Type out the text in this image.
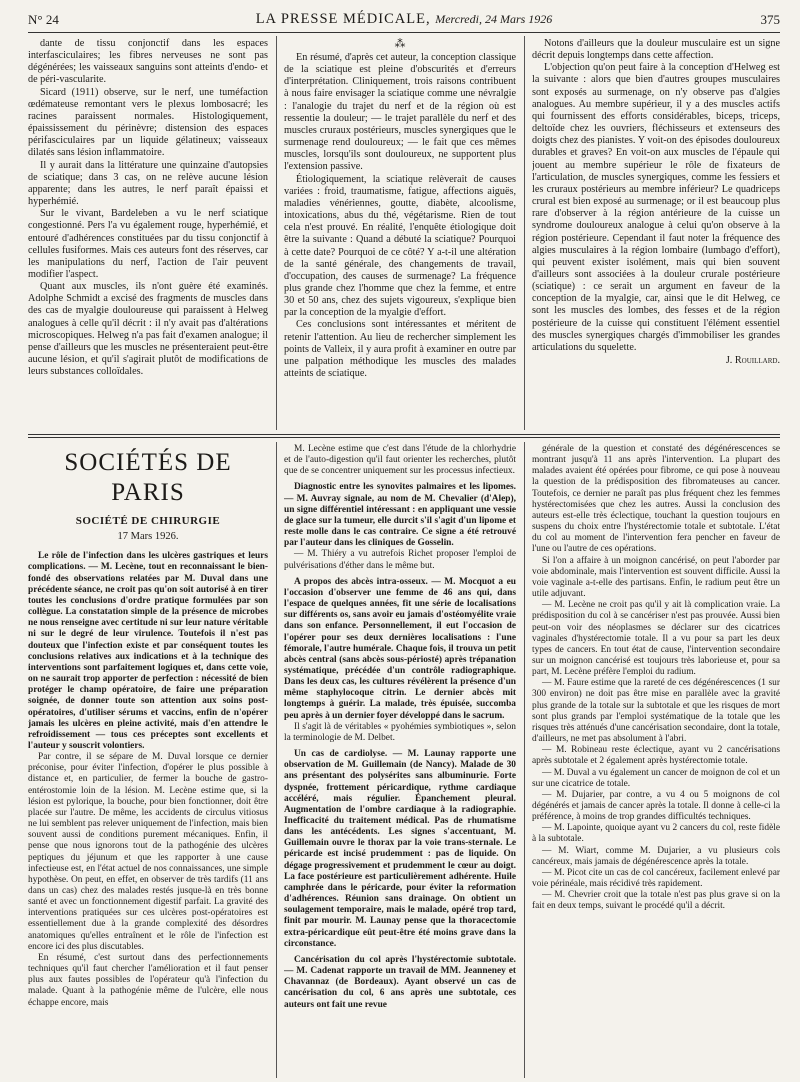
N° 24	LA PRESSE MÉDICALE, Mercredi, 24 Mars 1926	375

dante de tissu conjonctif dans les espaces interfasciculaires; les fibres nerveuses ne sont pas dégénérées; les vaisseaux sanguins sont atteints d'endo- et de péri-vascularite.

Sicard (1911) observe, sur le nerf, une tuméfaction œdémateuse remontant vers le plexus lombosacré; les racines paraissent normales. Histologiquement, épaississement du périnèvre; distension des espaces périfasciculaires par un liquide gélatineux; vaisseaux dilatés sans lésion inflammatoire.

Il y aurait dans la littérature une quinzaine d'autopsies de sciatique; dans 3 cas, on ne relève aucune lésion apparente; dans les autres, le nerf paraît épaissi et hyperhémié.

Sur le vivant, Bardeleben a vu le nerf sciatique congestionné. Pers l'a vu également rouge, hyperhémié, et entouré d'adhérences constituées par du tissu conjonctif à cellules fusiformes. Mais ces auteurs font des réserves, car les manipulations du nerf, l'action de l'air peuvent modifier l'aspect.

Quant aux muscles, ils n'ont guère été examinés. Adolphe Schmidt a excisé des fragments de muscles dans des cas de myalgie douloureuse qui paraissent à Helweg analogues à celle qu'il décrit : il n'y avait pas d'altérations microscopiques. Helweg n'a pas fait d'examen analogue; il pense d'ailleurs que les muscles ne présenteraient peut-être aucune lésion, et qu'il s'agirait plutôt de modifications de leurs substances colloïdales.

⁂

En résumé, d'après cet auteur, la conception classique de la sciatique est pleine d'obscurités et d'erreurs d'interprétation. Cliniquement, trois raisons contribuent à nous faire envisager la sciatique comme une névralgie : l'analogie du trajet du nerf et de la région où est ressentie la douleur; — le trajet parallèle du nerf et des muscles cruraux postérieurs, muscles synergiques que le surmenage rend douloureux; — le fait que ces mêmes muscles, lorsqu'ils sont douloureux, ne supportent plus l'extension passive.

Étiologiquement, la sciatique relèverait de causes variées : froid, traumatisme, fatigue, affections aiguës, maladies vénériennes, goutte, diabète, alcoolisme, intoxications, abus du thé, végétarisme. Rien de tout cela n'est prouvé. En réalité, l'enquête étiologique doit être la suivante : Quand a débuté la sciatique? Pourquoi à cette date? Pourquoi de ce côté? Y a-t-il une altération de la santé générale, des changements de travail, d'occupation, des causes de surmenage? La fréquence plus grande chez l'homme que chez la femme, et entre 30 et 50 ans, chez des sujets vigoureux, s'explique bien par la conception de la myalgie d'effort.

Ces conclusions sont intéressantes et méritent de retenir l'attention. Au lieu de rechercher simplement les points de Valleix, il y aura profit à examiner en outre par une palpation méthodique les muscles des malades atteints de sciatique.

Notons d'ailleurs que la douleur musculaire est un signe décrit depuis longtemps dans cette affection.

L'objection qu'on peut faire à la conception d'Helweg est la suivante : alors que bien d'autres groupes musculaires sont exposés au surmenage, on n'y observe pas d'algies analogues. Au membre supérieur, il y a des muscles actifs qui fournissent des efforts considérables, biceps, triceps, deltoïde chez les ouvriers, fléchisseurs et extenseurs des doigts chez des pianistes. Y voit-on des épisodes douloureux durables et graves? En voit-on aux muscles de l'épaule qui jouent au membre supérieur le rôle de fixateurs de l'articulation, de muscles synergiques, comme les fessiers et les cruraux postérieurs au membre inférieur? Le quadriceps crural est bien exposé au surmenage; or il est beaucoup plus rare d'observer à la région antérieure de la cuisse un syndrome douloureux analogue à celui qu'on observe à la région postérieure. Cependant il faut noter la fréquence des algies musculaires à la région lombaire (lumbago d'effort), qui peuvent exister isolément, mais qui bien souvent d'ailleurs sont associées à la douleur crurale postérieure (sciatique) : ce serait un argument en faveur de la conception de la myalgie, car, ainsi que le dit Helweg, ce sont les muscles des lombes, des fesses et de la région postérieure de la cuisse qui constituent l'élément essentiel des muscles synergiques chargés d'immobiliser les grandes articulations du squelette.

J. Rouillard.
SOCIÉTÉS DE PARIS
SOCIÉTÉ DE CHIRURGIE
17 Mars 1926.

Le rôle de l'infection dans les ulcères gastriques et leurs complications. — M. Lecène, tout en reconnaissant le bien-fondé des observations relatées par M. Duval dans une précédente séance, ne croit pas qu'on soit autorisé à en tirer toutes les conclusions d'ordre pratique formulées par son collègue. La constatation simple de la présence de microbes ne nous renseigne avec certitude ni sur leur nature véritable ni sur le degré de leur virulence. Toutefois il n'est pas douteux que l'infection existe et par conséquent toutes les conclusions relatives aux indications et à la technique des interventions sont parfaitement logiques et, dans cette voie, on ne saurait trop apporter de perfection : nécessité de bien protéger le champ opératoire, de faire une préparation soignée, de donner toute son attention aux soins post-opératoires, d'utiliser sérums et vaccins, enfin de n'opérer jamais les ulcères en pleine activité, mais d'en attendre le refroidissement — tous ces préceptes sont excellents et l'auteur y souscrit volontiers.

Par contre, il se sépare de M. Duval lorsque ce dernier préconise, pour éviter l'infection, d'opérer le plus possible à distance et, en particulier, de fermer la bouche de gastro-entérostomie loin de la lésion. M. Lecène estime que, si la lésion est pylorique, la bouche, pour bien fonctionner, doit être placée sur l'autre. De même, les accidents de circulus vitiosus ne lui semblent pas relever uniquement de l'infection, mais bien souvent aussi de conditions purement mécaniques. Enfin, il pense que nous ignorons tout de la pathogénie des ulcères peptiques du jéjunum et que les rapporter à une cause infectieuse est, en l'état actuel de nos connaissances, une simple hypothèse. On peut, en effet, en observer de très tardifs (11 ans dans un cas) chez des malades restés jusque-là en très bonne santé et avec un fonctionnement digestif parfait. La gravité des interventions pratiquées sur ces ulcères post-opératoires est essentiellement due à la grande complexité des désordres anatomiques qu'elles entraînent et le rôle de l'infection est encore ici des plus discutables.

En résumé, c'est surtout dans des perfectionnements techniques qu'il faut chercher l'amélioration et il faut penser plus aux fautes possibles de l'opérateur qu'à l'infection du malade. Quant à la pathogénie même de l'ulcère, elle nous échappe encore, mais

M. Lecène estime que c'est dans l'étude de la chlorhydrie et de l'auto-digestion qu'il faut orienter les recherches, plutôt que de se concentrer uniquement sur les processus infectieux.

Diagnostic entre les synovites palmaires et les lipomes. — M. Auvray signale, au nom de M. Chevalier (d'Alep), un signe différentiel intéressant : en appliquant une vessie de glace sur la tumeur, elle durcit s'il s'agit d'un lipome et reste molle dans le cas contraire. Ce signe a été retrouvé par l'auteur dans les cliniques de Gosselin.

— M. Thiéry a vu autrefois Richet proposer l'emploi de pulvérisations d'éther dans le même but.

A propos des abcès intra-osseux. — M. Mocquot a eu l'occasion d'observer une femme de 46 ans qui, dans l'espace de quelques années, fit une série de localisations sur différents os, sans avoir eu jamais d'ostéomyélite vraie dans son enfance. Personnellement, il eut l'occasion de l'opérer pour ses deux dernières localisations : l'une fémorale, l'autre humérale. Chaque fois, il trouva un petit abcès central (sans abcès sous-périosté) après trépanation systématique, précédée d'un contrôle radiographique. Dans les deux cas, les cultures révélèrent la présence d'un même staphylocoque citrin. Le dernier abcès mit longtemps à guérir. La malade, très épuisée, succomba peu après à un dernier foyer développé dans le sacrum.

Il s'agit là de véritables « pyohémies symbiotiques », selon la terminologie de M. Delbet.

Un cas de cardiolyse. — M. Launay rapporte une observation de M. Guillemain (de Nancy). Malade de 30 ans présentant des polysérites sans albuminurie. Forte dyspnée, frottement péricardique, rythme cardiaque accéléré, mais régulier. Épanchement pleural. Augmentation de l'ombre cardiaque à la radiographie. Inefficacité du traitement médical. Pas de rhumatisme dans les antécédents. Les signes s'accentuant, M. Guillemain ouvre le thorax par la voie trans-sternale. Le péricarde est incisé prudemment : pas de liquide. On dégage progressivement et prudemment le cœur au doigt. La face postérieure est particulièrement adhérente. Huile camphrée dans le péricarde, pour éviter la reformation d'adhérences. Réunion sans drainage. On obtient un soulagement temporaire, mais le malade, opéré trop tard, finit par mourir. M. Launay pense que la thoracectomie extra-péricardique eût peut-être été moins grave dans la circonstance.

Cancérisation du col après l'hystérectomie subtotale. — M. Cadenat rapporte un travail de MM. Jeanneney et Chavannaz (de Bordeaux). Ayant observé un cas de cancérisation du col, 6 ans après une subtotale, ces auteurs ont fait une revue

générale de la question et constaté des dégénérescences se montrant jusqu'à 11 ans après l'intervention. La plupart des malades avaient été opérées pour fibrome, ce qui pose à nouveau la question de la prédisposition des fibromateuses au cancer. Toutefois, ce dernier ne paraît pas plus fréquent chez les femmes hystérectomisées que chez les autres. Aussi la conclusion des auteurs est-elle très éclectique, touchant la question toujours en suspens du choix entre l'hystérectomie totale et subtotale. L'état du col au moment de l'intervention fera pencher en faveur de l'une ou l'autre de ces opérations.

Si l'on a affaire à un moignon cancérisé, on peut l'aborder par voie abdominale, mais l'intervention est souvent difficile. Aussi la voie vaginale a-t-elle des partisans. Enfin, le radium peut être un utile adjuvant.

— M. Lecène ne croit pas qu'il y ait là complication vraie. La prédisposition du col à se cancériser n'est pas prouvée. Aussi bien peut-on voir des néoplasmes se déclarer sur des cicatrices vaginales d'hystérectomie totale. Il a vu pour sa part les deux types de cancers. En tout état de cause, l'intervention secondaire sur un moignon cancérisé est toujours très laborieuse et, pour sa part, M. Lecène préfère l'emploi du radium.

— M. Faure estime que la rareté de ces dégénérescences (1 sur 300 environ) ne doit pas être mise en parallèle avec la gravité plus grande de la totale sur la subtotale et que les risques de mort sont plus grands par l'emploi systématique de la totale que les risques très atténués d'une cancérisation secondaire, dont la totale, d'ailleurs, ne met pas absolument à l'abri.

— M. Robineau reste éclectique, ayant vu 2 cancérisations après subtotale et 2 également après hystérectomie totale.

— M. Duval a vu également un cancer de moignon de col et un sur une cicatrice de totale.

— M. Dujarier, par contre, a vu 4 ou 5 moignons de col dégénérés et jamais de cancer après la totale. Il donne à celle-ci la préférence, à moins de trop grandes difficultés techniques.

— M. Lapointe, quoique ayant vu 2 cancers du col, reste fidèle à la subtotale.

— M. Wiart, comme M. Dujarier, a vu plusieurs cols cancéreux, mais jamais de dégénérescence après la totale.

— M. Picot cite un cas de col cancéreux, facilement enlevé par voie périnéale, mais récidivé très rapidement.

— M. Chevrier croit que la totale n'est pas plus grave si on la fait en deux temps, suivant le procédé qu'il a décrit.
